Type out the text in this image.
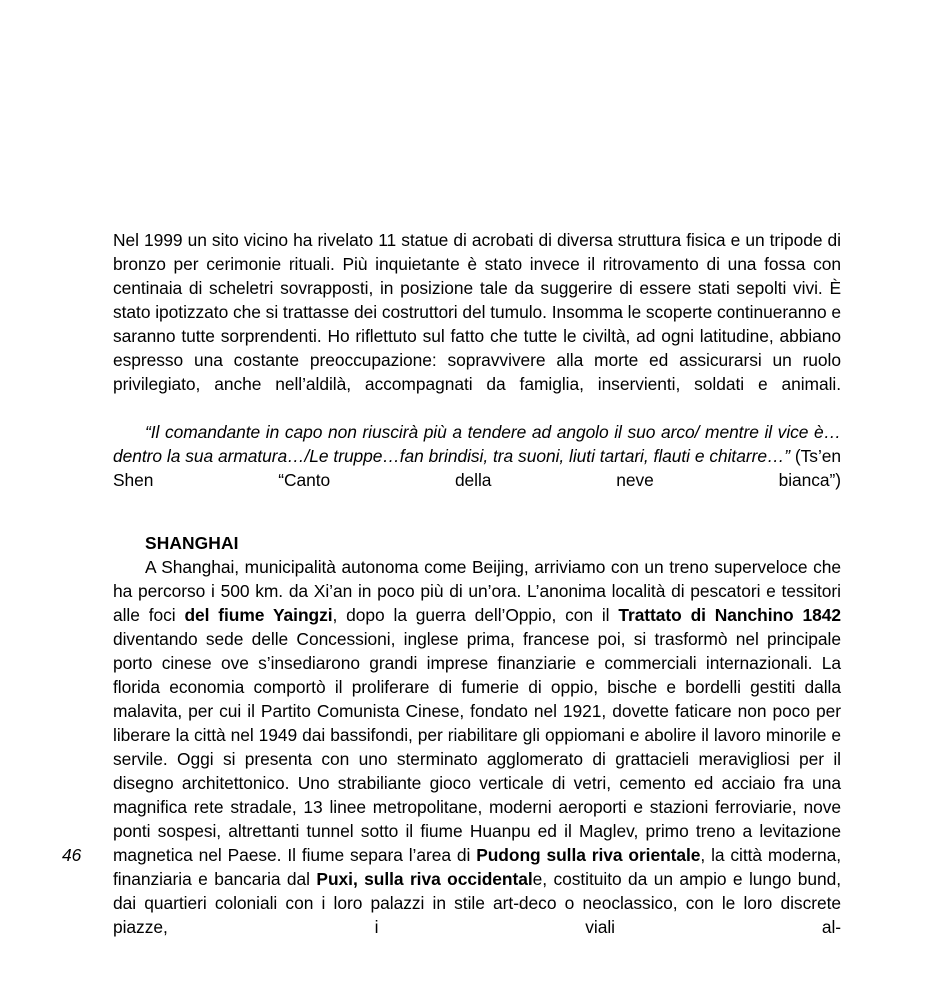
Nel 1999 un sito vicino ha rivelato 11 statue di acrobati di diversa struttura fisica e un tripode di bronzo per cerimonie rituali. Più inquietante è stato invece il ritrovamento di una fossa con centinaia di scheletri sovrapposti, in posizione tale da suggerire di essere stati sepolti vivi. È stato ipotizzato che si trattasse dei costruttori del tumulo. Insomma le scoperte continueranno e saranno tutte sorprendenti. Ho riflettuto sul fatto che tutte le civiltà, ad ogni latitudine, abbiano espresso una costante preoccupazione: sopravvivere alla morte ed assicurarsi un ruolo privilegiato, anche nell’aldilà, accompagnati da famiglia, inservienti, soldati e animali.

“Il comandante in capo non riuscirà più a tendere ad angolo il suo arco/ mentre il vice è…dentro la sua armatura…/Le truppe…fan brindisi, tra suoni, liuti tartari, flauti e chitarre…” (Ts’en Shen “Canto della neve bianca”)

SHANGHAI

A Shanghai, municipalità autonoma come Beijing, arriviamo con un treno superveloce che ha percorso i 500 km. da Xi’an in poco più di un’ora. L’anonima località di pescatori e tessitori alle foci del fiume Yaingzi, dopo la guerra dell’Oppio, con il Trattato di Nanchino 1842 diventando sede delle Concessioni, inglese prima, francese poi, si trasformò nel principale porto cinese ove s’insediarono grandi imprese finanziarie e commerciali internazionali. La florida economia comportò il proliferare di fumerie di oppio, bische e bordelli gestiti dalla malavita, per cui il Partito Comunista Cinese, fondato nel 1921, dovette faticare non poco per liberare la città nel 1949 dai bassifondi, per riabilitare gli oppiomani e abolire il lavoro minorile e servile. Oggi si presenta con uno sterminato agglomerato di grattacieli meravigliosi per il disegno architettonico. Uno strabiliante gioco verticale di vetri, cemento ed acciaio fra una magnifica rete stradale, 13 linee metropolitane, moderni aeroporti e stazioni ferroviarie, nove ponti sospesi, altrettanti tunnel sotto il fiume Huanpu ed il Maglev, primo treno a levitazione magnetica nel Paese. Il fiume separa l’area di Pudong sulla riva orientale, la città moderna, finanziaria e bancaria dal Puxi, sulla riva occidentale, costituito da un ampio e lungo bund, dai quartieri coloniali con i loro palazzi in stile art-deco o neoclassico, con le loro discrete piazze, i viali al-

46
